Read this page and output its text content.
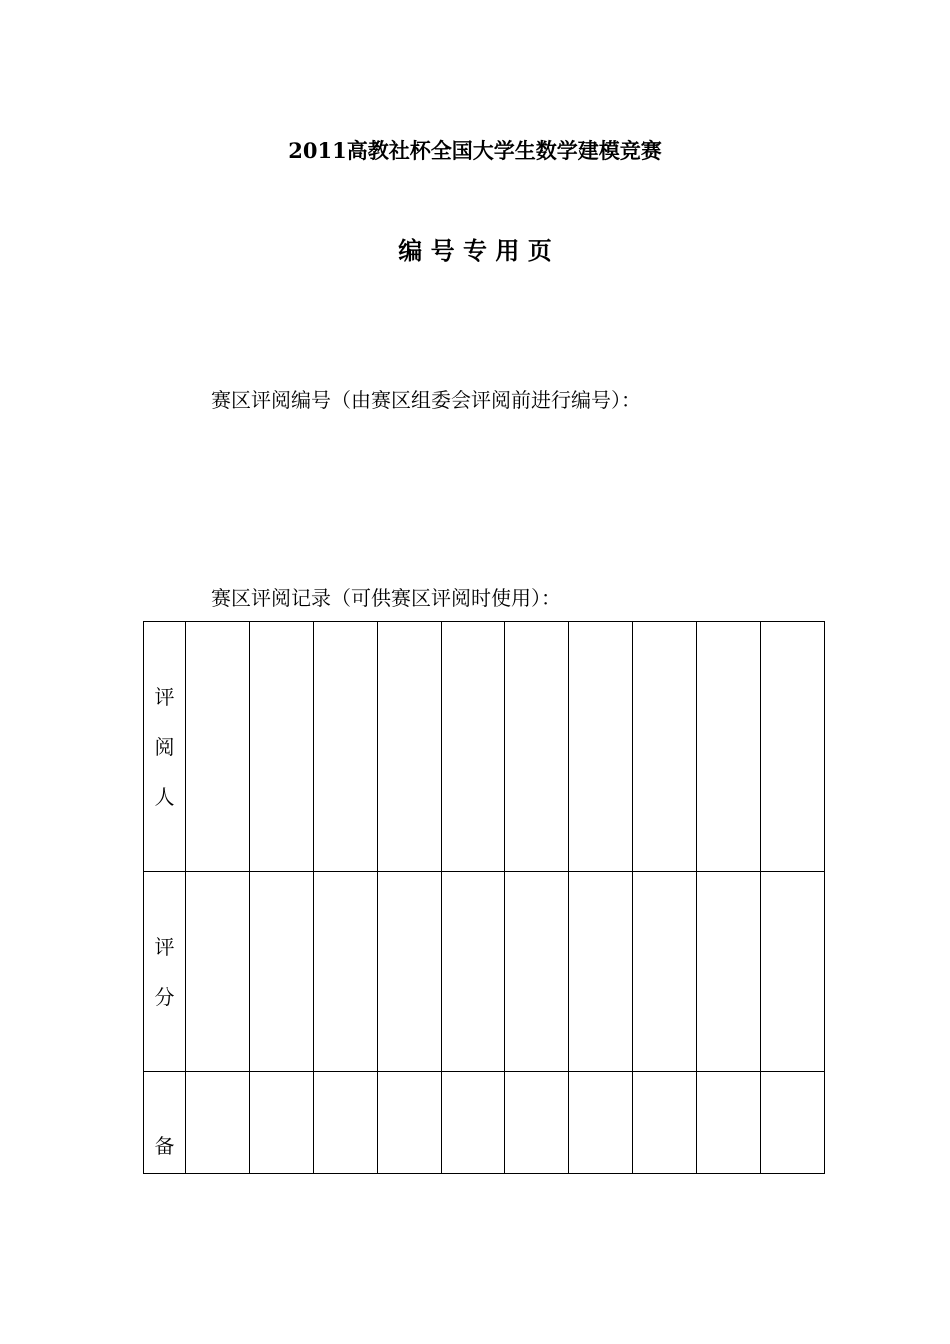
2011高教社杯全国大学生数学建模竞赛
编 号 专 用 页
赛区评阅编号（由赛区组委会评阅前进行编号）：
赛区评阅记录（可供赛区评阅时使用）：
评
阅
人										

评
分										

备										
